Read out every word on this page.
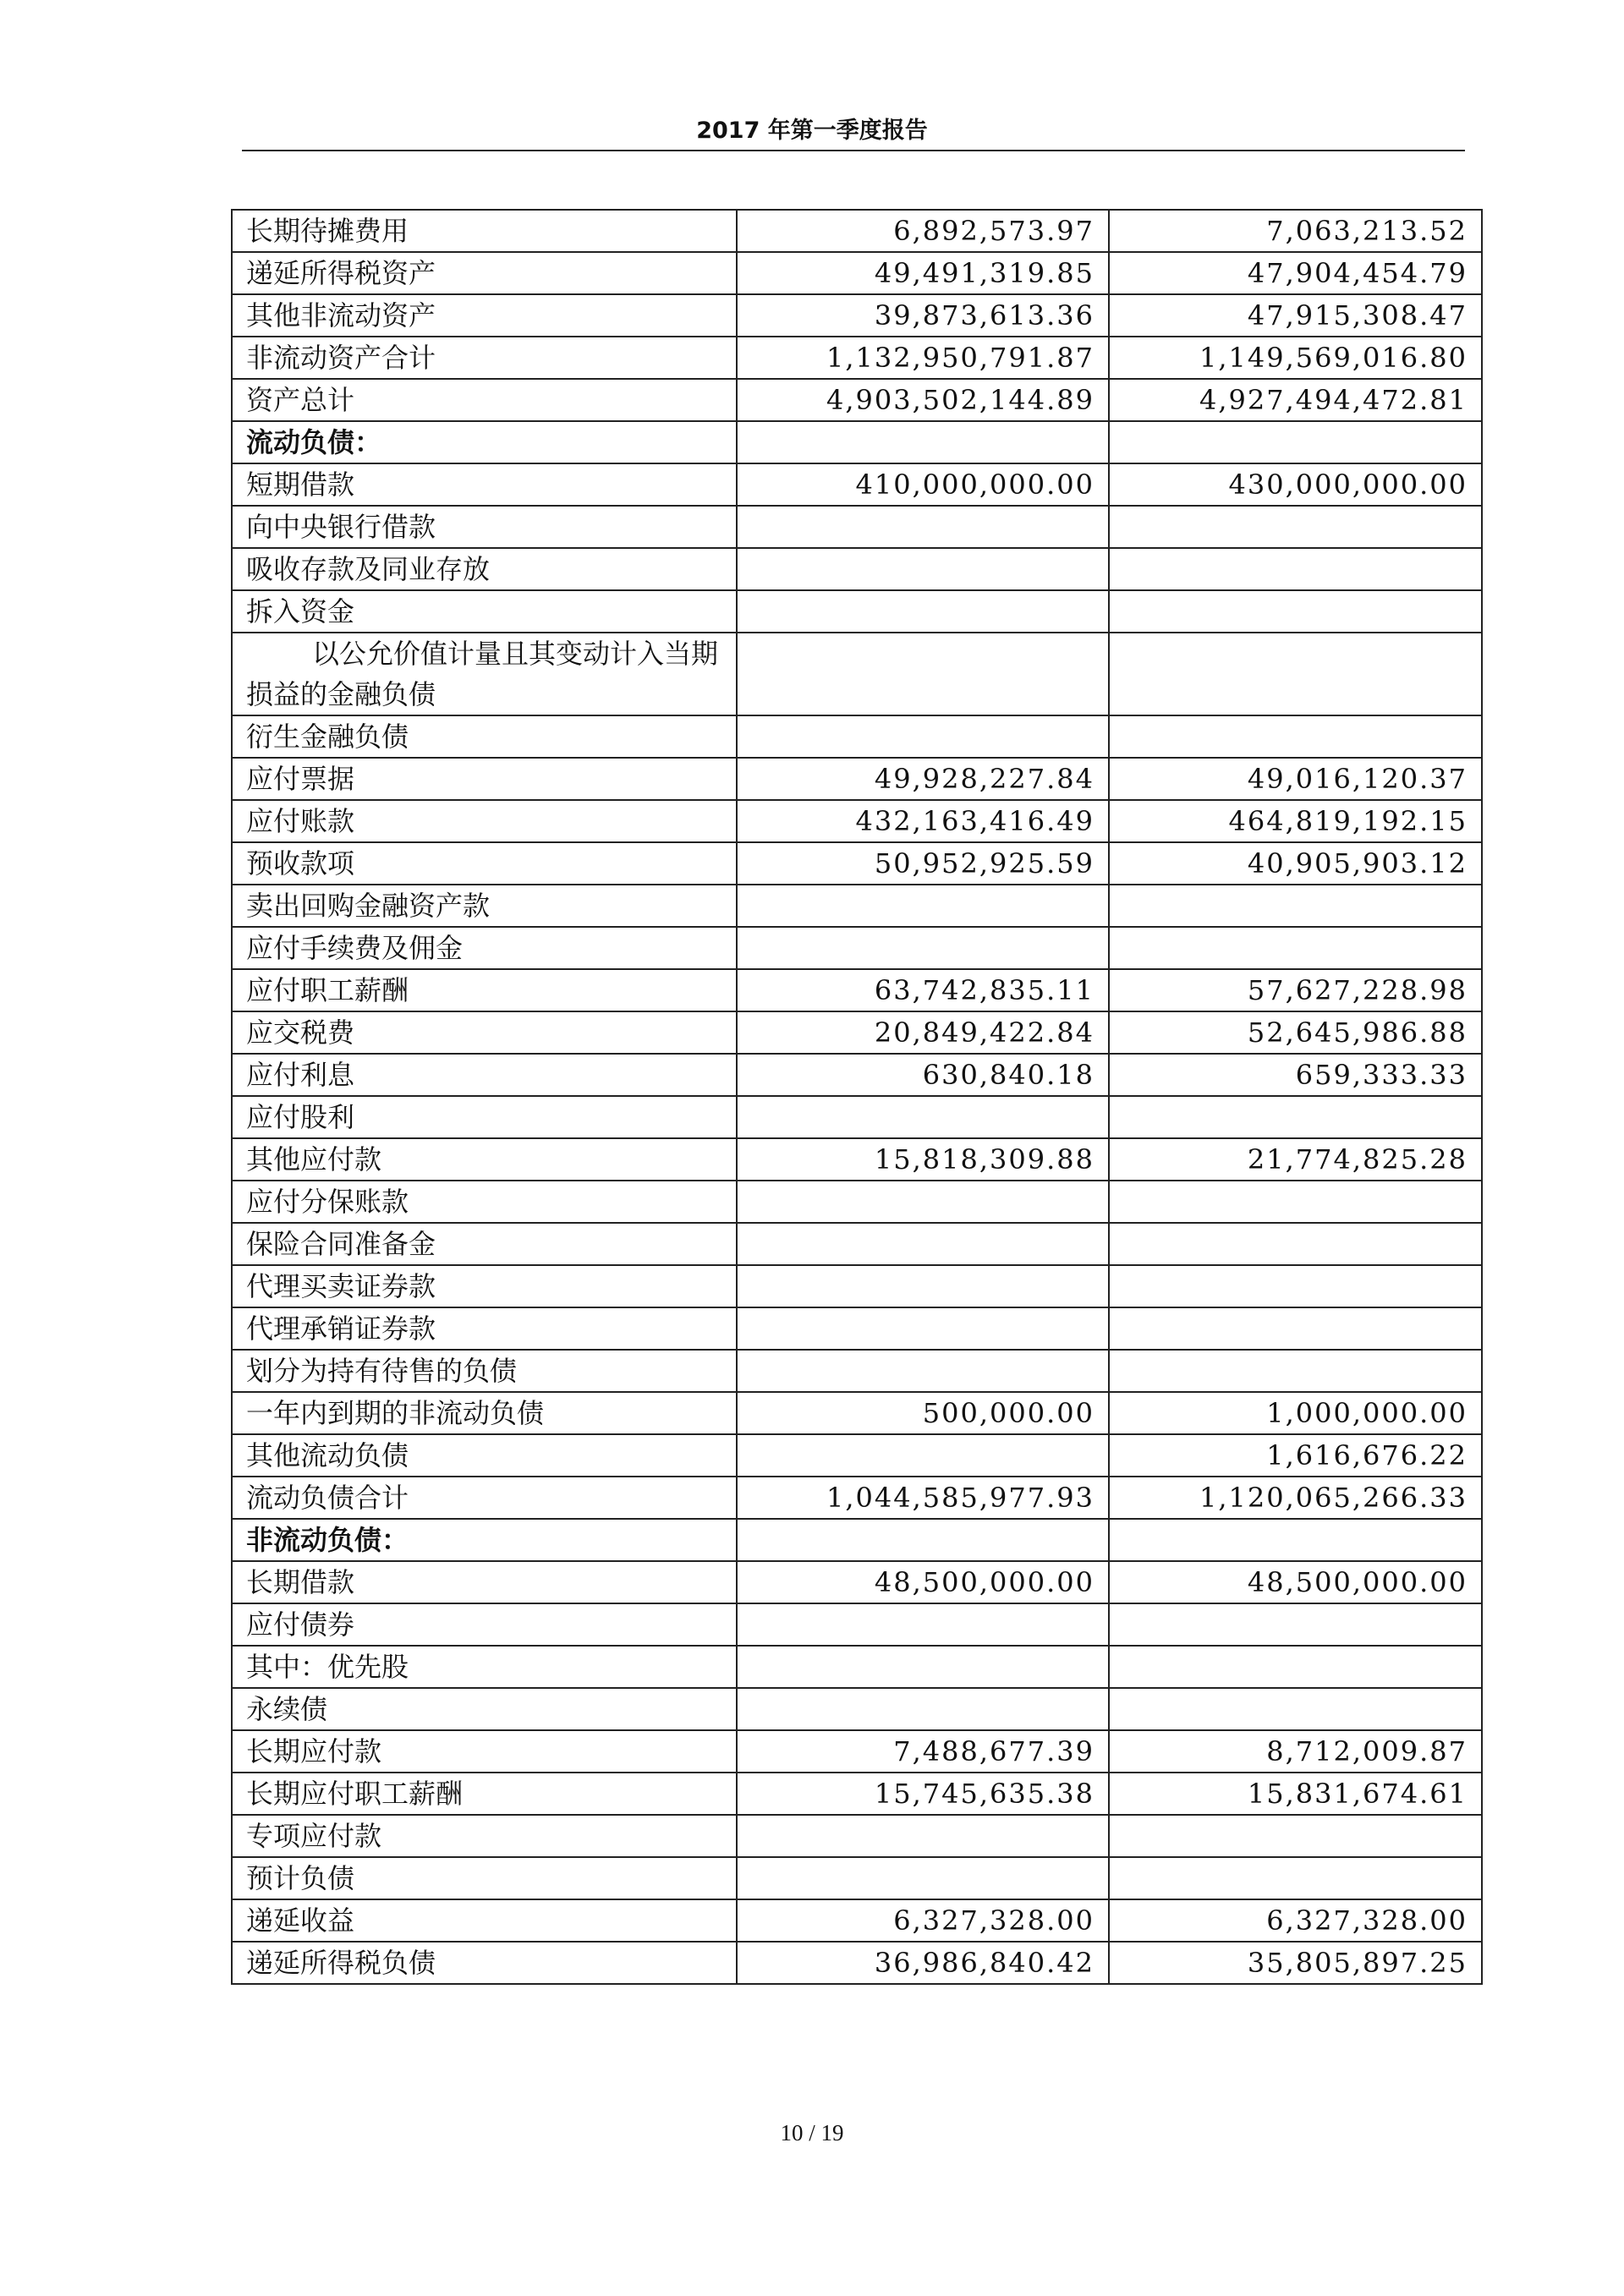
2017 年第一季度报告
长期待摊费用	6,892,573.97	7,063,213.52
递延所得税资产	49,491,319.85	47,904,454.79
其他非流动资产	39,873,613.36	47,915,308.47
非流动资产合计	1,132,950,791.87	1,149,569,016.80
资产总计	4,903,502,144.89	4,927,494,472.81
流动负债：		
短期借款	410,000,000.00	430,000,000.00
向中央银行借款		
吸收存款及同业存放		
拆入资金		
以公允价值计量且其变动计入当期损益的金融负债		
衍生金融负债		
应付票据	49,928,227.84	49,016,120.37
应付账款	432,163,416.49	464,819,192.15
预收款项	50,952,925.59	40,905,903.12
卖出回购金融资产款		
应付手续费及佣金		
应付职工薪酬	63,742,835.11	57,627,228.98
应交税费	20,849,422.84	52,645,986.88
应付利息	630,840.18	659,333.33
应付股利		
其他应付款	15,818,309.88	21,774,825.28
应付分保账款		
保险合同准备金		
代理买卖证券款		
代理承销证券款		
划分为持有待售的负债		
一年内到期的非流动负债	500,000.00	1,000,000.00
其他流动负债		1,616,676.22
流动负债合计	1,044,585,977.93	1,120,065,266.33
非流动负债：		
长期借款	48,500,000.00	48,500,000.00
应付债券		
其中：优先股		
永续债		
长期应付款	7,488,677.39	8,712,009.87
长期应付职工薪酬	15,745,635.38	15,831,674.61
专项应付款		
预计负债		
递延收益	6,327,328.00	6,327,328.00
递延所得税负债	36,986,840.42	35,805,897.25
10 / 19
